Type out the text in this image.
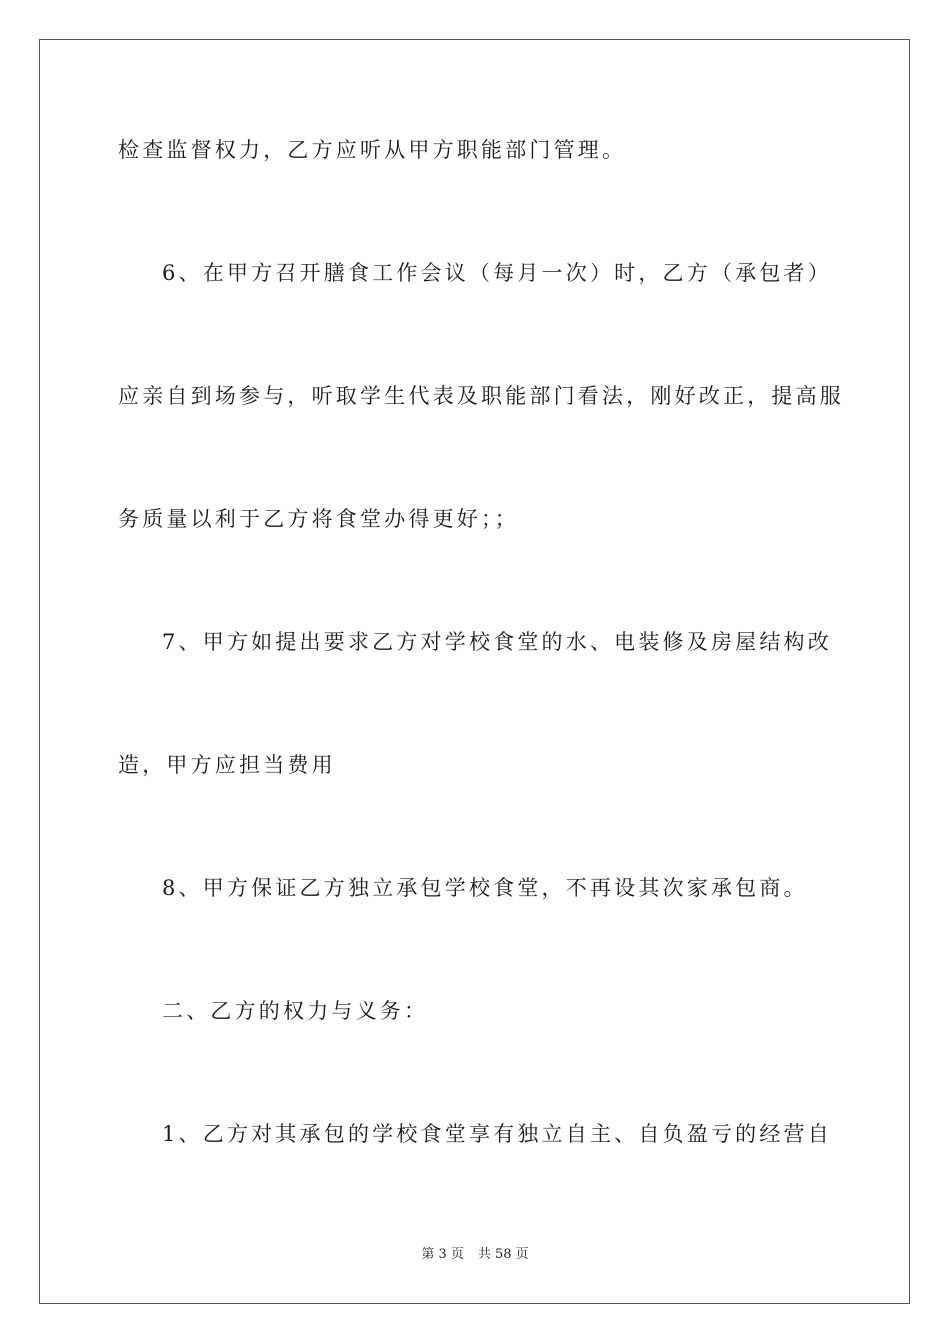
检查监督权力，乙方应听从甲方职能部门管理。
6、在甲方召开膳食工作会议（每月一次）时，乙方（承包者）
应亲自到场参与，听取学生代表及职能部门看法，刚好改正，提高服
务质量以利于乙方将食堂办得更好；；
7、甲方如提出要求乙方对学校食堂的水、电装修及房屋结构改
造，甲方应担当费用
8、甲方保证乙方独立承包学校食堂，不再设其次家承包商。
二、乙方的权力与义务：
1、乙方对其承包的学校食堂享有独立自主、自负盈亏的经营自
第 3 页 共 58 页
